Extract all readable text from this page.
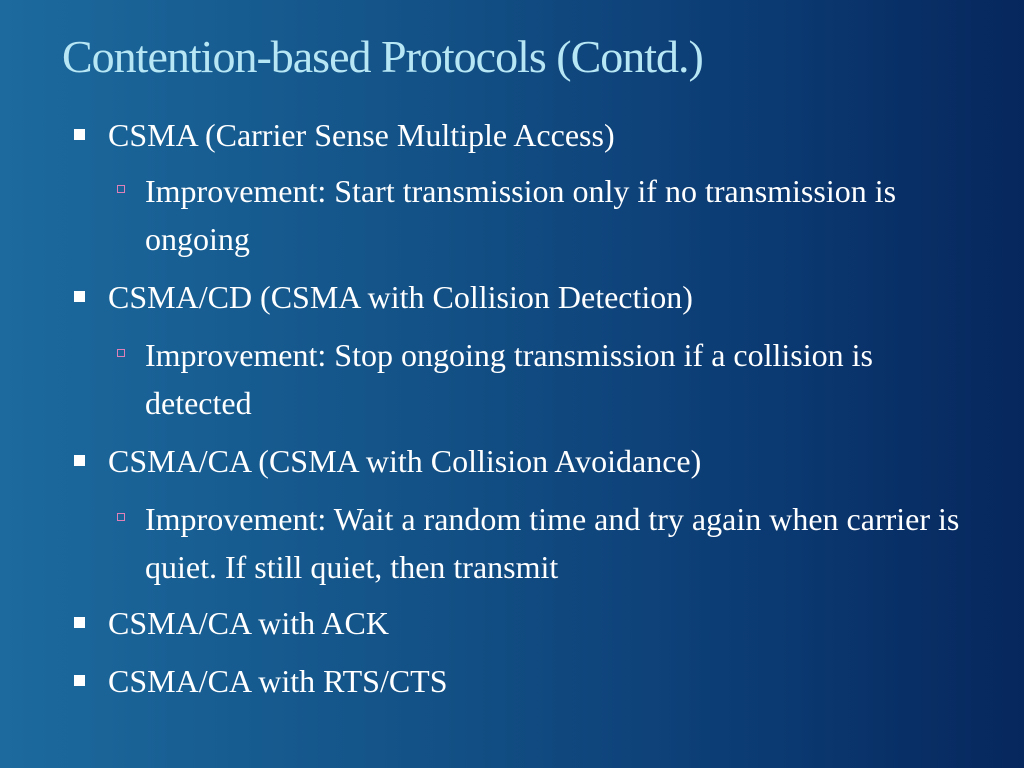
Contention-based Protocols (Contd.)
CSMA (Carrier Sense Multiple Access)
Improvement: Start transmission only if no transmission is ongoing
CSMA/CD (CSMA with Collision Detection)
Improvement: Stop ongoing transmission if a collision is detected
CSMA/CA (CSMA with Collision Avoidance)
Improvement: Wait a random time and try again when carrier is quiet. If still quiet, then transmit
CSMA/CA with ACK
CSMA/CA with RTS/CTS
